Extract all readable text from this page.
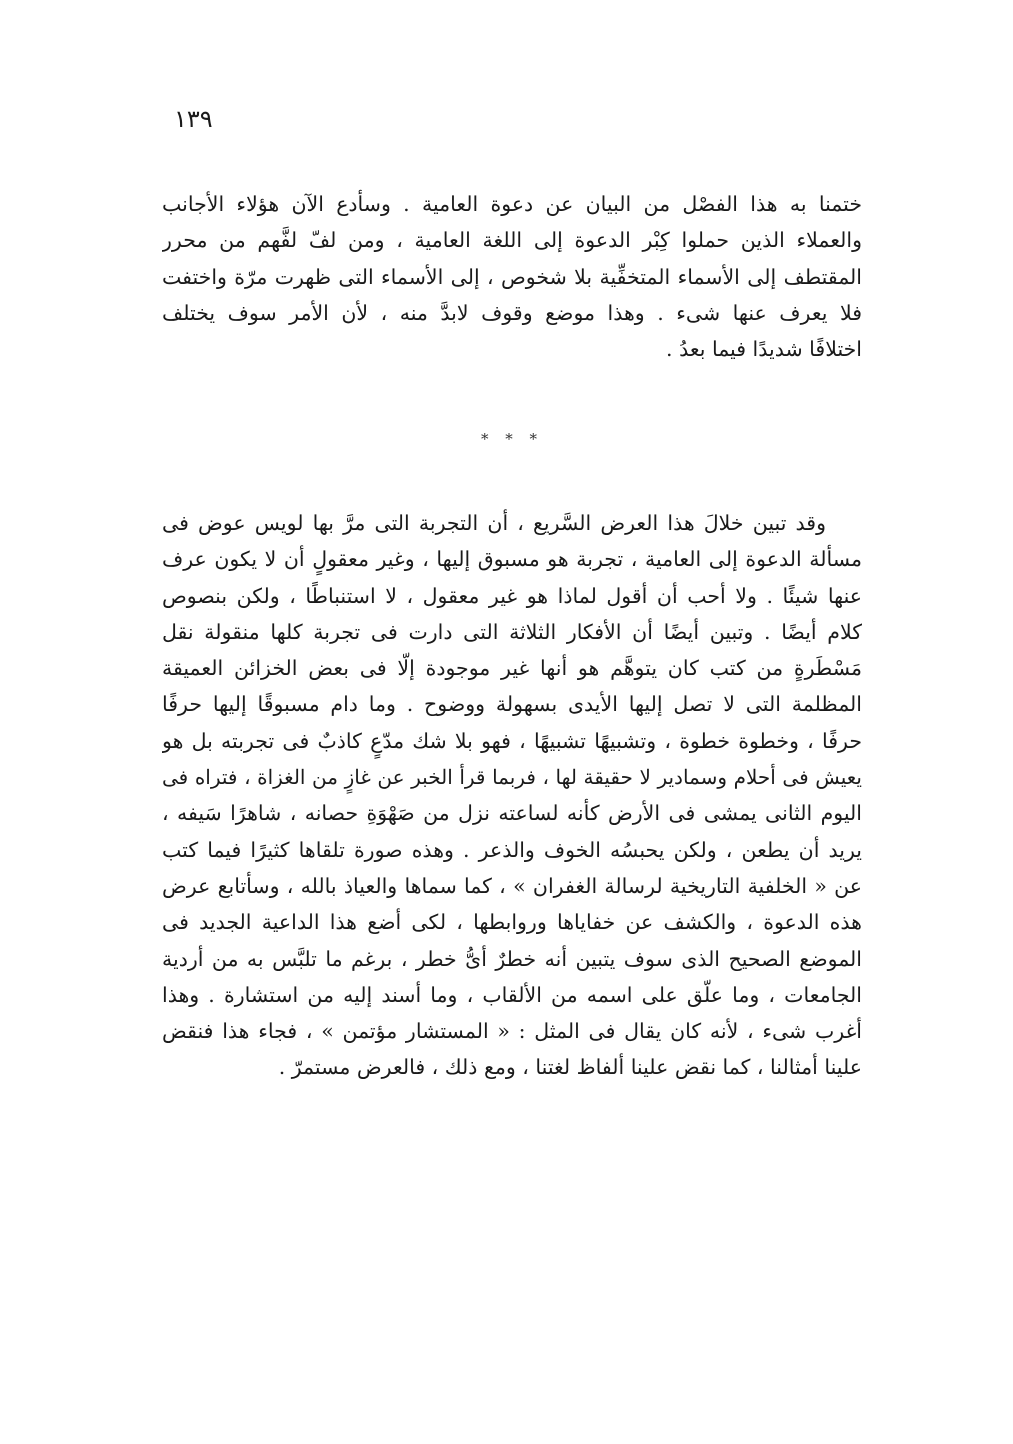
١٣٩
ختمنا به هذا الفصْل من البيان عن دعوة العامية . وسأدع الآن هؤلاء الأجانب
والعملاء الذين حملوا كِبْر الدعوة إلى اللغة العامية ، ومن لفّ لفَّهم من محرر
المقتطف إلى الأسماء المتخفِّية بلا شخوص ، إلى الأسماء التى ظهرت مرّة واختفت
فلا يعرف عنها شىء . وهذا موضع وقوف لابدَّ منه ، لأن الأمر سوف يختلف
اختلافًا شديدًا فيما بعدُ .
* * *
وقد تبين خلالَ هذا العرض السَّريع ، أن التجربة التى مرَّ بها لويس عوض فى
مسألة الدعوة إلى العامية ، تجربة هو مسبوق إليها ، وغير معقولٍ أن لا يكون عرف
عنها شيئًا . ولا أحب أن أقول لماذا هو غير معقول ، لا استنباطًا ، ولكن بنصوص
كلام أيضًا . وتبين أيضًا أن الأفكار الثلاثة التى دارت فى تجربة كلها منقولة نقل
مَسْطَرةٍ من كتب كان يتوهَّم هو أنها غير موجودة إلّا فى بعض الخزائن العميقة
المظلمة التى لا تصل إليها الأيدى بسهولة ووضوح . وما دام مسبوقًا إليها حرفًا
حرفًا ، وخطوة خطوة ، وتشبيهًا تشبيهًا ، فهو بلا شك مدّعٍ كاذبٌ فى تجربته بل هو
يعيش فى أحلام وسمادير لا حقيقة لها ، فربما قرأ الخبر عن غازٍ من الغزاة ، فتراه فى
اليوم الثانى يمشى فى الأرض كأنه لساعته نزل من صَهْوَةِ حصانه ، شاهرًا سَيفه ،
يريد أن يطعن ، ولكن يحبسُه الخوف والذعر . وهذه صورة تلقاها كثيرًا فيما كتب
عن « الخلفية التاريخية لرسالة الغفران » ، كما سماها والعياذ بالله ، وسأتابع عرض
هذه الدعوة ، والكشف عن خفاياها وروابطها ، لكى أضع هذا الداعية الجديد فى
الموضع الصحيح الذى سوف يتبين أنه خطرٌ أىُّ خطر ، برغم ما تلبَّس به من أردية
الجامعات ، وما علّق على اسمه من الألقاب ، وما أسند إليه من استشارة . وهذا
أغرب شىء ، لأنه كان يقال فى المثل : « المستشار مؤتمن » ، فجاء هذا فنقض
علينا أمثالنا ، كما نقض علينا ألفاظ لغتنا ، ومع ذلك ، فالعرض مستمرّ .
